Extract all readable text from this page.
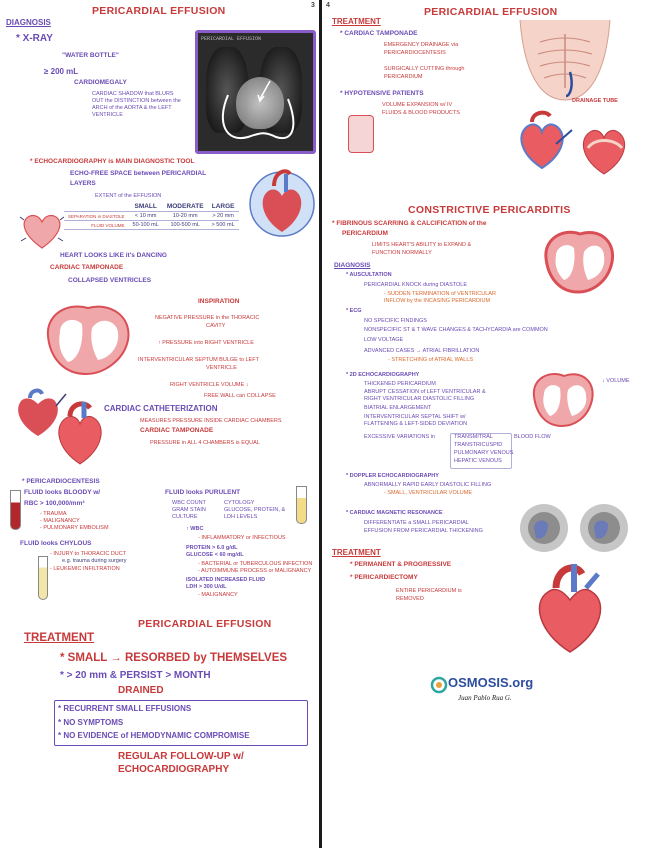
3 4
PERICARDIAL EFFUSION
DIAGNOSIS
* X-RAY
"WATER BOTTLE"
≥ 200 mL
CARDIOMEGALY
CARDIAC SHADOW that BLURS
OUT the DISTINCTION between the
ARCH of the AORTA & the LEFT
VENTRICLE
PERICARDIAL EFFUSION
* ECHOCARDIOGRAPHY is MAIN DIAGNOSTIC TOOL
ECHO-FREE SPACE between PERICARDIAL
LAYERS
EXTENT of the EFFUSION
	SMALL	MODERATE	LARGE
SEPARATION in DIASTOLE	< 10 mm	10-20 mm	> 20 mm
FLUID VOLUME	50-100 mL	100-500 mL	> 500 mL
HEART LOOKS LIKE it's DANCING
CARDIAC TAMPONADE
COLLAPSED VENTRICLES
INSPIRATION
NEGATIVE PRESSURE in the THORACIC
CAVITY
↑ PRESSURE into RIGHT VENTRICLE
INTERVENTRICULAR SEPTUM BULGE to LEFT
VENTRICLE
RIGHT VENTRICLE VOLUME ↓
FREE WALL can COLLAPSE
CARDIAC CATHETERIZATION
MEASURES PRESSURE INSIDE CARDIAC CHAMBERS
CARDIAC TAMPONADE
PRESSURE in ALL 4 CHAMBERS is EQUAL
* PERICARDIOCENTESIS
FLUID looks BLOODY w/
RBC > 100,000/mm³
- TRAUMA
- MALIGNANCY
- PULMONARY EMBOLISM
FLUID looks CHYLOUS
- INJURY to THORACIC DUCT
e.g. trauma during surgery
- LEUKEMIC INFILTRATION
FLUID looks PURULENT
WBC COUNT
GRAM STAIN
CULTURE
CYTOLOGY
GLUCOSE, PROTEIN, &
LDH LEVELS
↑ WBC
- INFLAMMATORY or INFECTIOUS
PROTEIN > 6.0 g/dL
GLUCOSE < 60 mg/dL
- BACTERIAL or TUBERCULOUS INFECTION
- AUTOIMMUNE PROCESS or MALIGNANCY
ISOLATED INCREASED FLUID
LDH > 300 U/dL
- MALIGNANCY
PERICARDIAL EFFUSION
TREATMENT
* SMALL → RESORBED by THEMSELVES
* > 20 mm & PERSIST > MONTH
DRAINED
* RECURRENT SMALL EFFUSIONS
* NO SYMPTOMS
* NO EVIDENCE of HEMODYNAMIC COMPROMISE
REGULAR FOLLOW-UP w/
ECHOCARDIOGRAPHY
PERICARDIAL EFFUSION
TREATMENT
* CARDIAC TAMPONADE
EMERGENCY DRAINAGE via
PERICARDIOCENTESIS
SURGICALLY CUTTING through
PERICARDIUM
DRAINAGE TUBE
* HYPOTENSIVE PATIENTS
VOLUME EXPANSION w/ IV
FLUIDS & BLOOD PRODUCTS
CONSTRICTIVE PERICARDITIS
* FIBRINOUS SCARRING & CALCIFICATION of the
PERICARDIUM
LIMITS HEART'S ABILITY to EXPAND &
FUNCTION NORMALLY
DIAGNOSIS
* AUSCULTATION
PERICARDIAL KNOCK during DIASTOLE
- SUDDEN TERMINATION of VENTRICULAR
INFLOW by the INCASING PERICARDIUM
* ECG
NO SPECIFIC FINDINGS
NONSPECIFIC ST & T WAVE CHANGES & TACHYCARDIA are COMMON
LOW VOLTAGE
ADVANCED CASES → ATRIAL FIBRILLATION
- STRETCHING of ATRIAL WALLS
* 2D ECHOCARDIOGRAPHY
THICKENED PERICARDIUM
ABRUPT CESSATION of LEFT VENTRICULAR &
RIGHT VENTRICULAR DIASTOLIC FILLING
BIATRIAL ENLARGEMENT
INTERVENTRICULAR SEPTAL SHIFT w/
FLATTENING & LEFT-SIDED DEVIATION
EXCESSIVE VARIATIONS in	TRANSMITRAL
TRANSTRICUSPID
PULMONARY VENOUS
HEPATIC VENOUS
BLOOD FLOW
↓ VOLUME
* DOPPLER ECHOCARDIOGRAPHY
ABNORMALLY RAPID EARLY DIASTOLIC FILLING
- SMALL, VENTRICULAR VOLUME
* CARDIAC MAGNETIC RESONANCE
DIFFERENTIATE a SMALL PERICARDIAL
EFFUSION FROM PERICARDIAL THICKENING
TREATMENT
* PERMANENT & PROGRESSIVE
* PERICARDIECTOMY
ENTIRE PERICARDIUM is
REMOVED
OSMOSIS.org
Juan Pablo Rua G.
